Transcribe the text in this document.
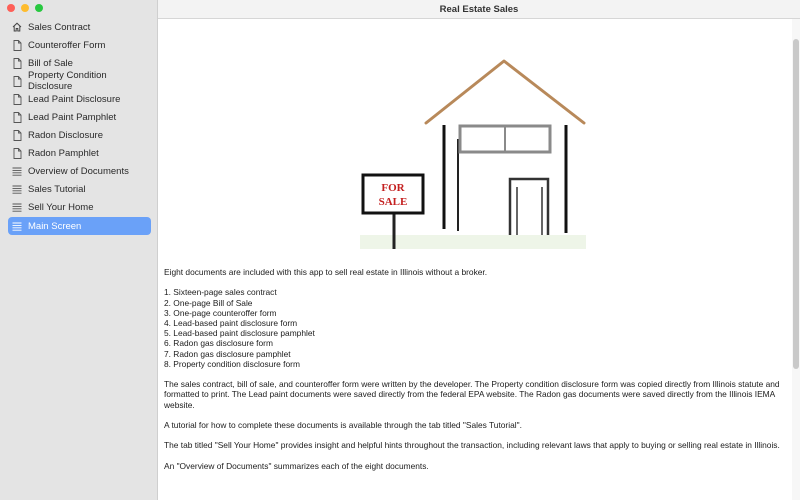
Sales Contract
Counteroffer Form
Bill of Sale
Property Condition Disclosure
Lead Paint Disclosure
Lead Paint Pamphlet
Radon Disclosure
Radon Pamphlet
Overview of Documents
Sales Tutorial
Sell Your Home
Main Screen
Real Estate Sales
FOR
SALE

Eight documents are included with this app to sell real estate in Illinois without a broker.

1. Sixteen-page sales contract
2. One-page Bill of Sale
3. One-page counteroffer form
4. Lead-based paint disclosure form
5. Lead-based paint disclosure pamphlet
6. Radon gas disclosure form
7. Radon gas disclosure pamphlet
8. Property condition disclosure form

The sales contract, bill of sale, and counteroffer form were written by the developer. The Property condition disclosure form was copied directly from Illinois statute and formatted to print. The Lead paint documents were saved directly from the federal EPA website. The Radon gas documents were saved directly from the Illinois IEMA website.

A tutorial for how to complete these documents is available through the tab titled "Sales Tutorial".

The tab titled "Sell Your Home" provides insight and helpful hints throughout the transaction, including relevant laws that apply to buying or selling real estate in Illinois.

An "Overview of Documents" summarizes each of the eight documents.
